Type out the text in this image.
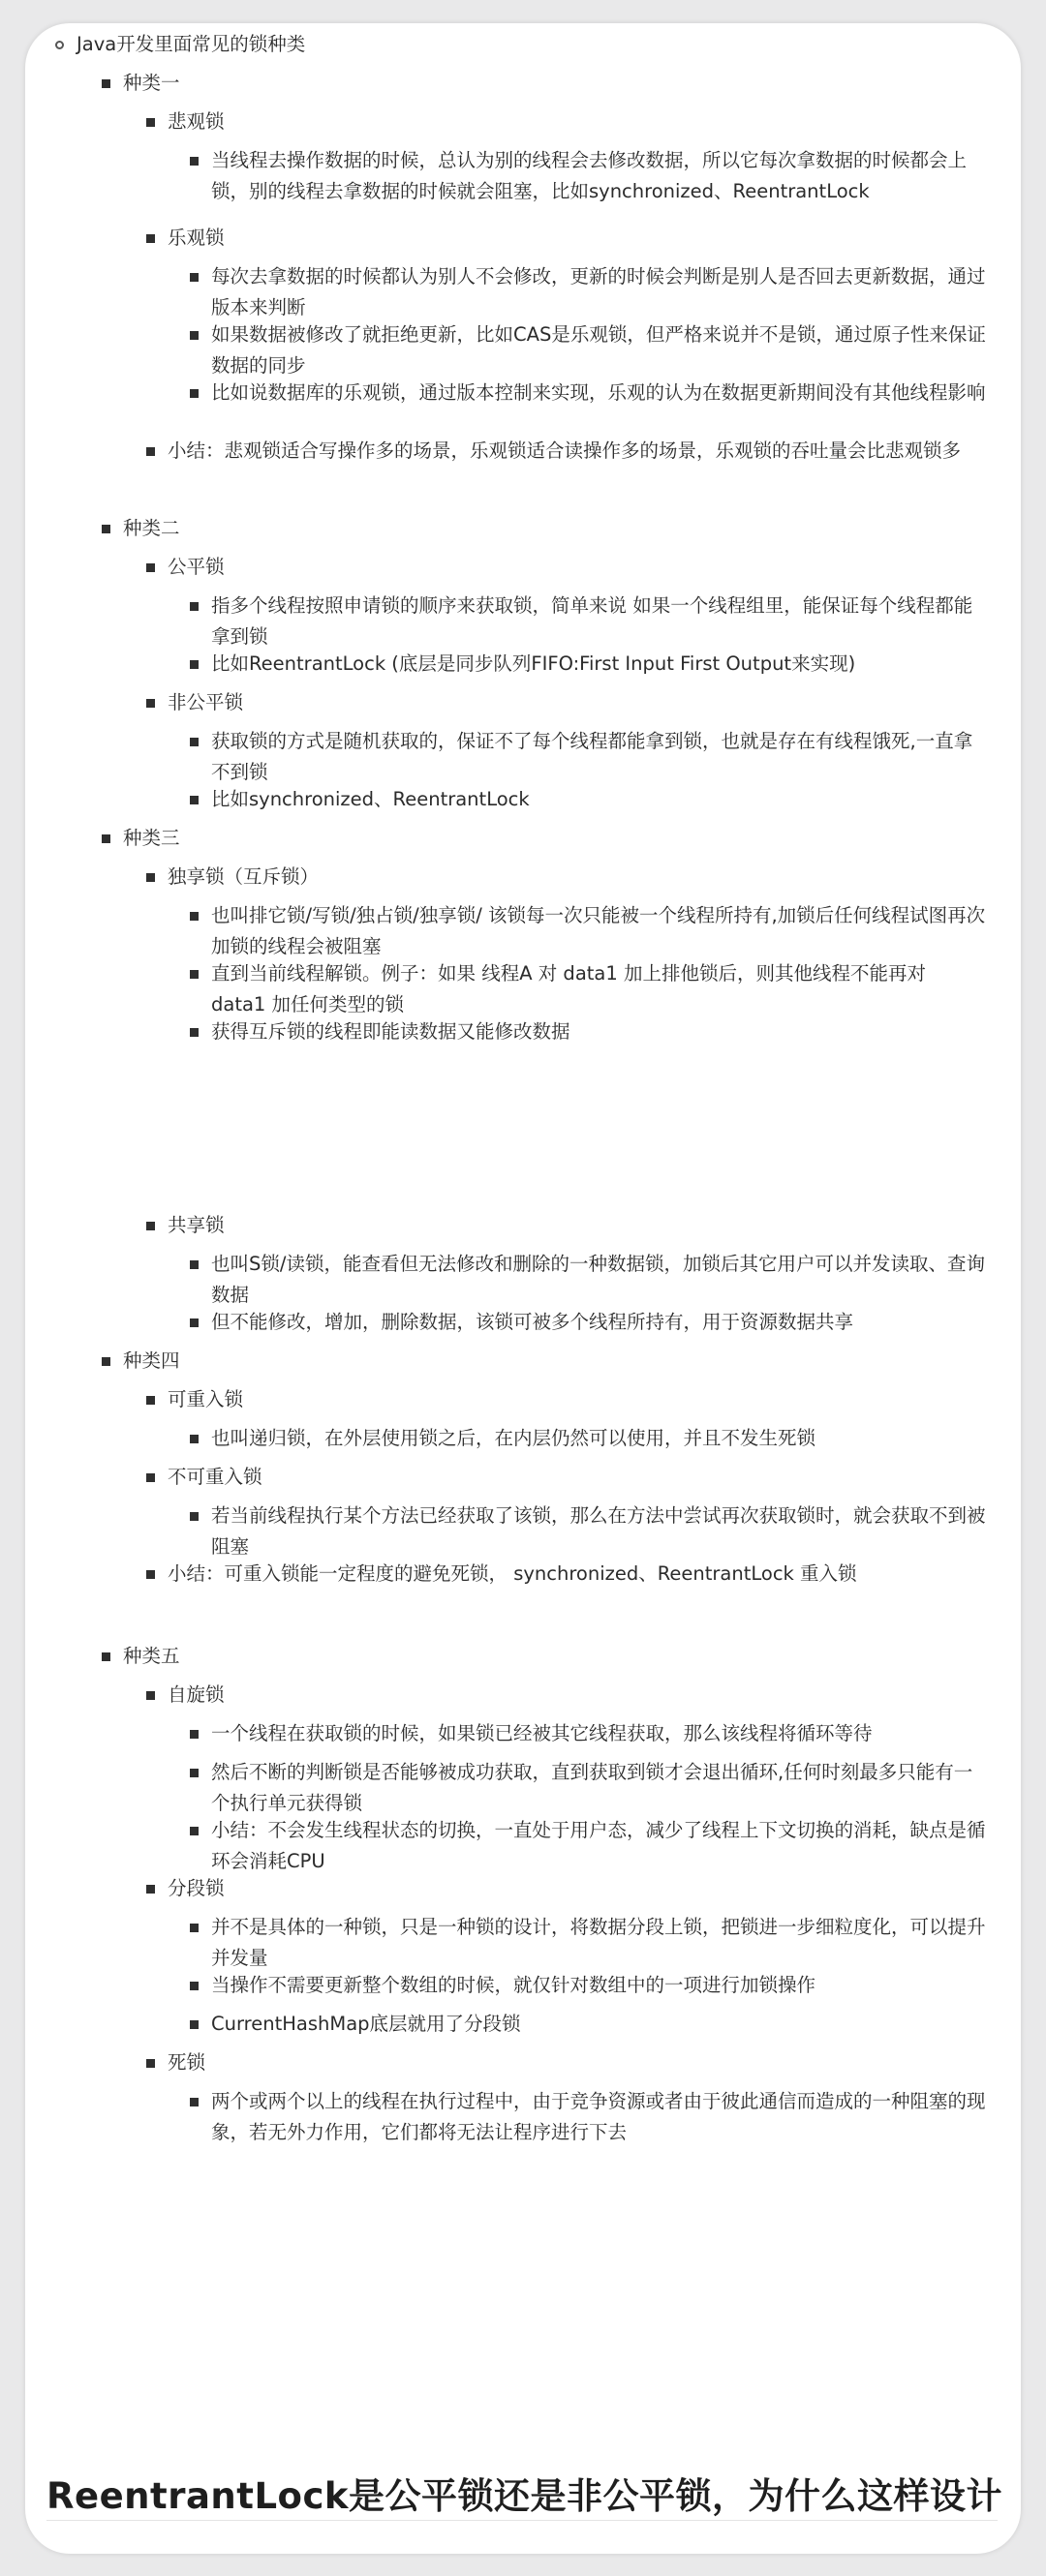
Java开发里面常见的锁种类
种类一
悲观锁
当线程去操作数据的时候，总认为别的线程会去修改数据，所以它每次拿数据的时候都会上锁，别的线程去拿数据的时候就会阻塞，比如synchronized、ReentrantLock
乐观锁
每次去拿数据的时候都认为别人不会修改，更新的时候会判断是别人是否回去更新数据，通过版本来判断
如果数据被修改了就拒绝更新，比如CAS是乐观锁，但严格来说并不是锁，通过原子性来保证数据的同步
比如说数据库的乐观锁，通过版本控制来实现，乐观的认为在数据更新期间没有其他线程影响
小结：悲观锁适合写操作多的场景，乐观锁适合读操作多的场景，乐观锁的吞吐量会比悲观锁多
种类二
公平锁
指多个线程按照申请锁的顺序来获取锁，简单来说 如果一个线程组里，能保证每个线程都能拿到锁
比如ReentrantLock (底层是同步队列FIFO:First Input First Output来实现)
非公平锁
获取锁的方式是随机获取的，保证不了每个线程都能拿到锁，也就是存在有线程饿死,一直拿不到锁
比如synchronized、ReentrantLock
种类三
独享锁（互斥锁）
也叫排它锁/写锁/独占锁/独享锁/ 该锁每一次只能被一个线程所持有,加锁后任何线程试图再次加锁的线程会被阻塞
直到当前线程解锁。例子：如果 线程A 对 data1 加上排他锁后，则其他线程不能再对 data1 加任何类型的锁
获得互斥锁的线程即能读数据又能修改数据
共享锁
也叫S锁/读锁，能查看但无法修改和删除的一种数据锁，加锁后其它用户可以并发读取、查询数据
但不能修改，增加，删除数据，该锁可被多个线程所持有，用于资源数据共享
种类四
可重入锁
也叫递归锁，在外层使用锁之后，在内层仍然可以使用，并且不发生死锁
不可重入锁
若当前线程执行某个方法已经获取了该锁，那么在方法中尝试再次获取锁时，就会获取不到被阻塞
小结：可重入锁能一定程度的避免死锁， synchronized、ReentrantLock 重入锁
种类五
自旋锁
一个线程在获取锁的时候，如果锁已经被其它线程获取，那么该线程将循环等待
然后不断的判断锁是否能够被成功获取，直到获取到锁才会退出循环,任何时刻最多只能有一个执行单元获得锁
小结：不会发生线程状态的切换，一直处于用户态，减少了线程上下文切换的消耗，缺点是循环会消耗CPU
分段锁
并不是具体的一种锁，只是一种锁的设计，将数据分段上锁，把锁进一步细粒度化，可以提升并发量
当操作不需要更新整个数组的时候，就仅针对数组中的一项进行加锁操作
CurrentHashMap底层就用了分段锁
死锁
两个或两个以上的线程在执行过程中，由于竞争资源或者由于彼此通信而造成的一种阻塞的现象，若无外力作用，它们都将无法让程序进行下去
ReentrantLock是公平锁还是非公平锁，为什么这样设计
